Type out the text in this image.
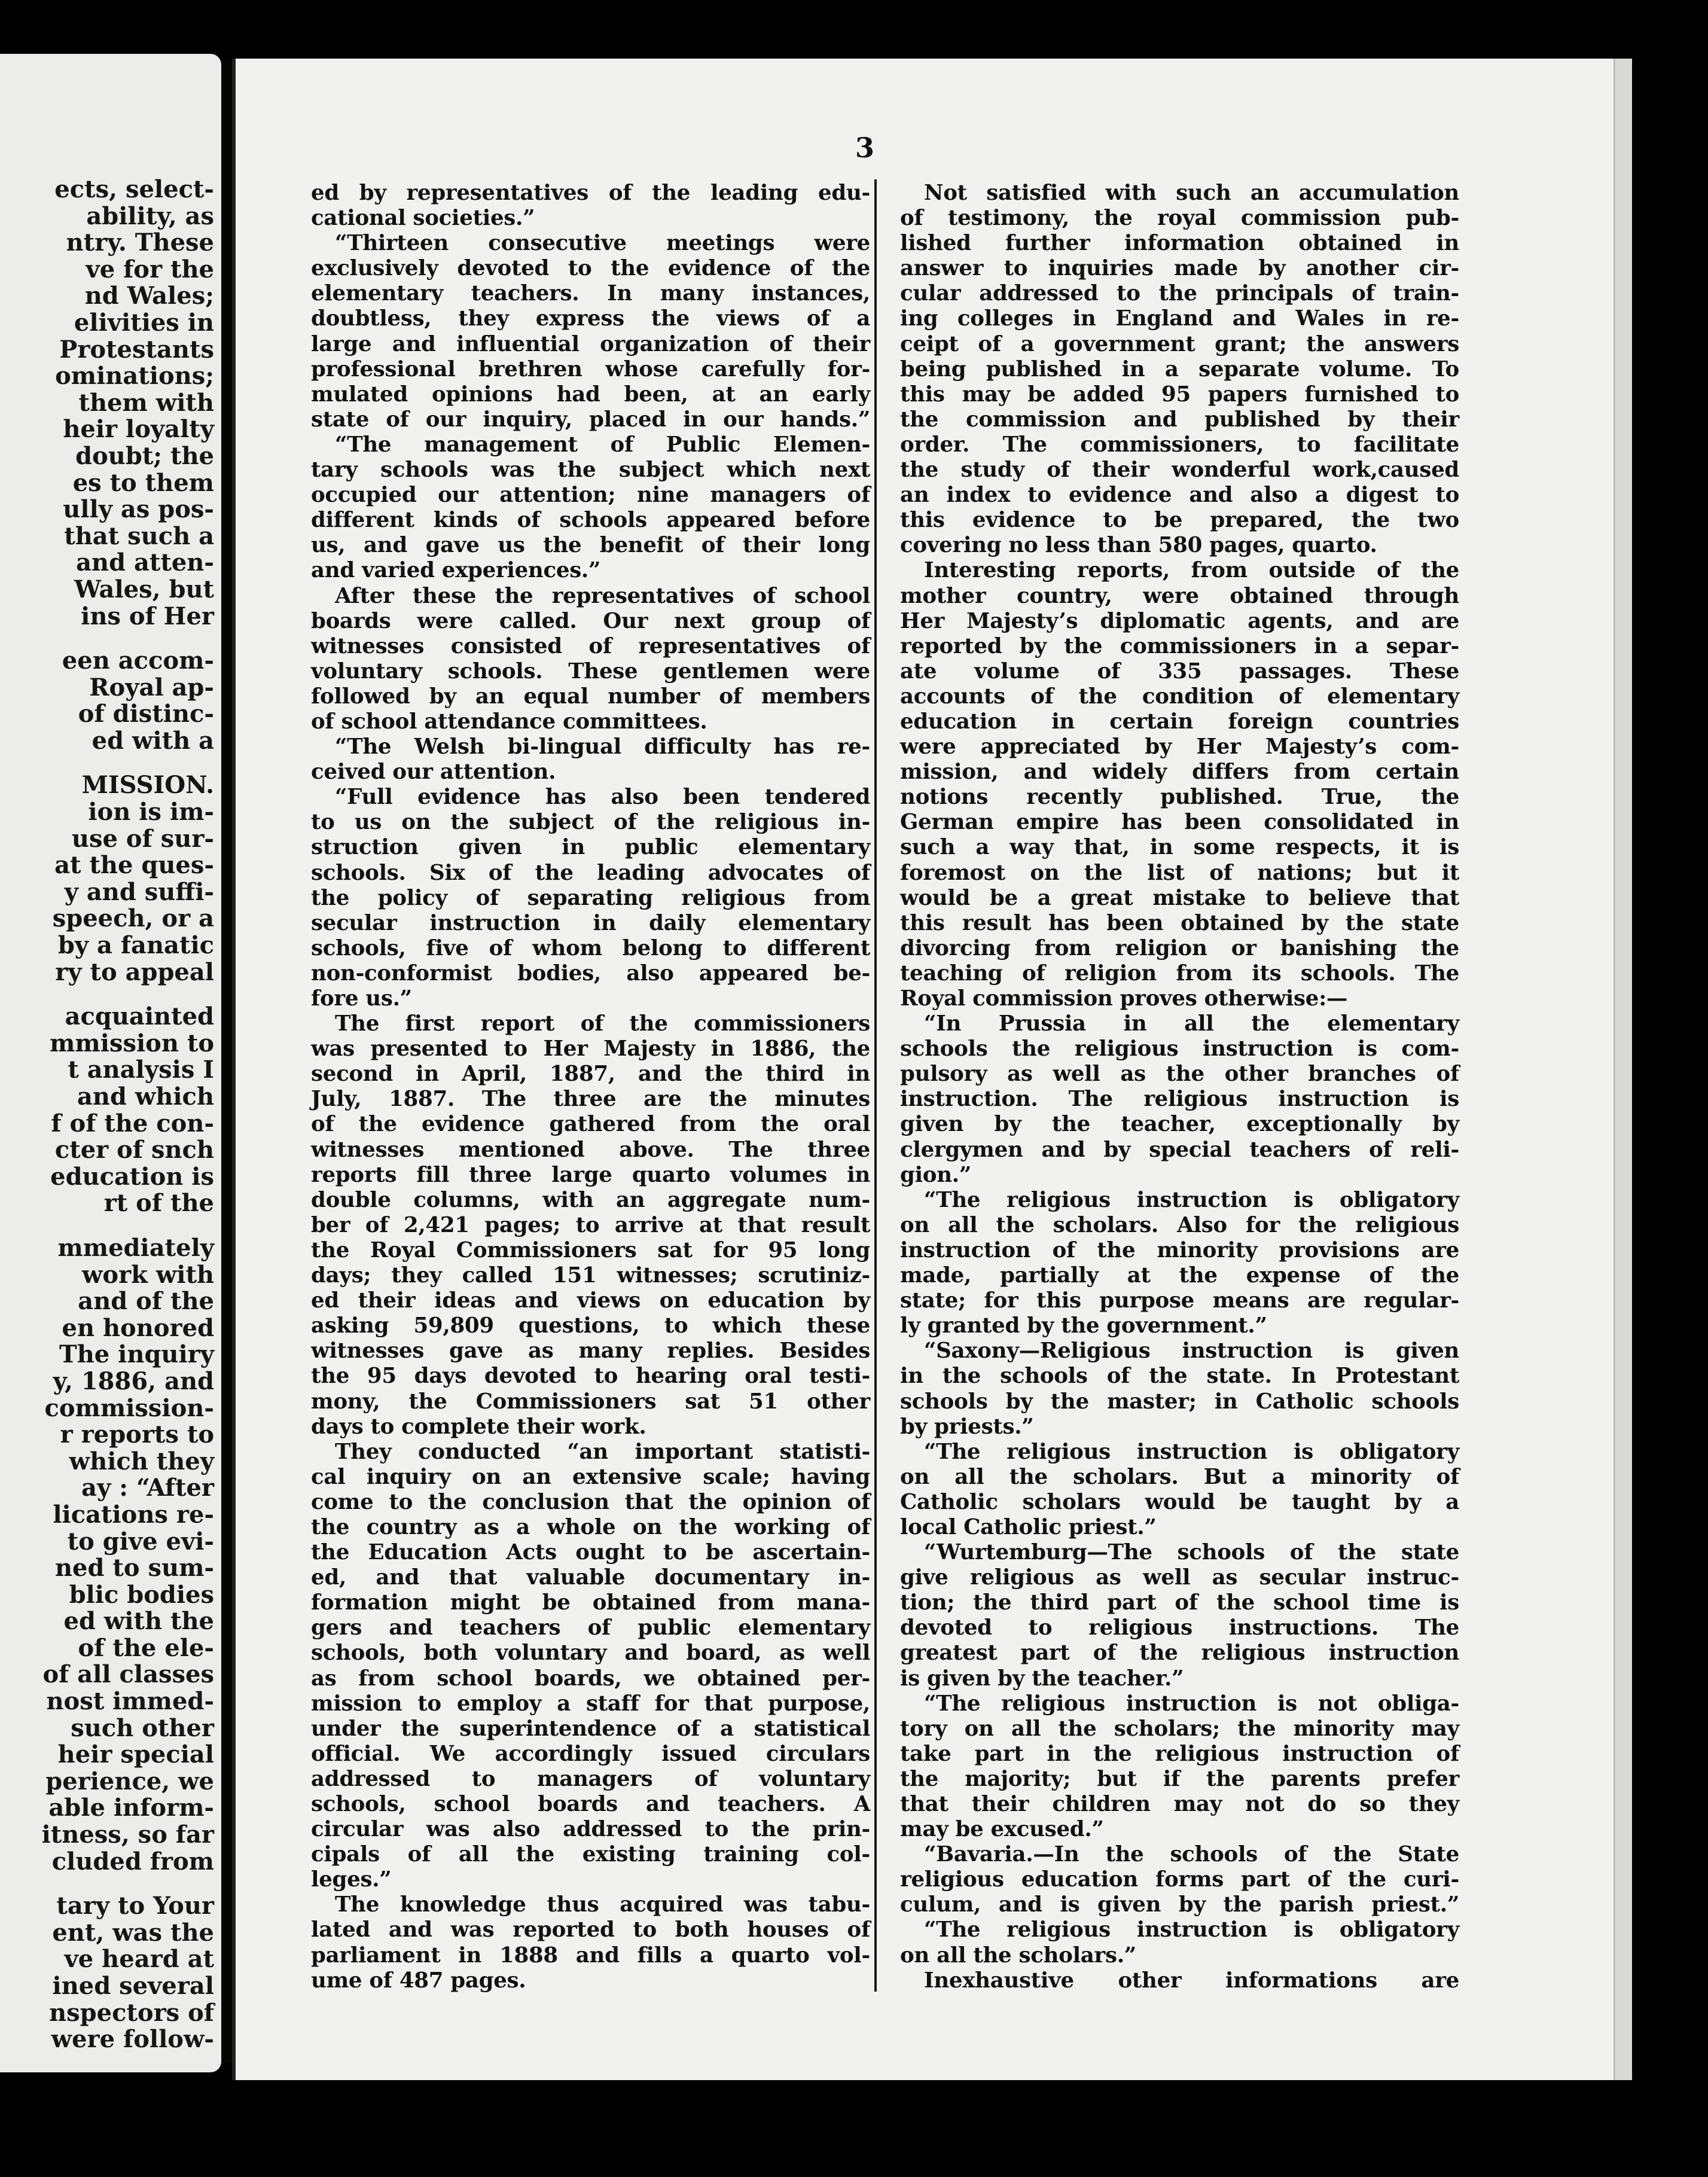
ects, select-
ability, as
ntry. These
ve for the
nd Wales;
elivities in
Protestants
ominations;
them with
heir loyalty
doubt; the
es to them
ully as pos-
that such a
and atten-
Wales, but
ins of Her
een accom-
Royal ap-
of distinc-
ed with a
MISSION.
ion is im-
use of sur-
at the ques-
y and suffi-
speech, or a
by a fanatic
ry to appeal
acquainted
mmission to
t analysis I
and which
f of the con-
cter of snch
education is
rt of the
mmediately
work with
and of the
en honored
The inquiry
y, 1886, and
commission-
r reports to
which they
ay : “After
lications re-
to give evi-
ned to sum-
blic bodies
ed with the
of the ele-
of all classes
nost immed-
such other
heir special
perience, we
able inform-
itness, so far
cluded from
tary to Your
ent, was the
ve heard at
ined several
nspectors of
were follow-
3
ed by representatives of the leading edu-
cational societies.”
“Thirteen consecutive meetings were
exclusively devoted to the evidence of the
elementary teachers. In many instances,
doubtless, they express the views of a
large and influential organization of their
professional brethren whose carefully for-
mulated opinions had been, at an early
state of our inquiry, placed in our hands.”
“The management of Public Elemen-
tary schools was the subject which next
occupied our attention; nine managers of
different kinds of schools appeared before
us, and gave us the benefit of their long
and varied experiences.”
After these the representatives of school
boards were called. Our next group of
witnesses consisted of representatives of
voluntary schools. These gentlemen were
followed by an equal number of members
of school attendance committees.
“The Welsh bi-lingual difficulty has re-
ceived our attention.
“Full evidence has also been tendered
to us on the subject of the religious in-
struction given in public elementary
schools. Six of the leading advocates of
the policy of separating religious from
secular instruction in daily elementary
schools, five of whom belong to different
non-conformist bodies, also appeared be-
fore us.”
The first report of the commissioners
was presented to Her Majesty in 1886, the
second in April, 1887, and the third in
July, 1887. The three are the minutes
of the evidence gathered from the oral
witnesses mentioned above. The three
reports fill three large quarto volumes in
double columns, with an aggregate num-
ber of 2,421 pages; to arrive at that result
the Royal Commissioners sat for 95 long
days; they called 151 witnesses; scrutiniz-
ed their ideas and views on education by
asking 59,809 questions, to which these
witnesses gave as many replies. Besides
the 95 days devoted to hearing oral testi-
mony, the Commissioners sat 51 other
days to complete their work.
They conducted “an important statisti-
cal inquiry on an extensive scale; having
come to the conclusion that the opinion of
the country as a whole on the working of
the Education Acts ought to be ascertain-
ed, and that valuable documentary in-
formation might be obtained from mana-
gers and teachers of public elementary
schools, both voluntary and board, as well
as from school boards, we obtained per-
mission to employ a staff for that purpose,
under the superintendence of a statistical
official. We accordingly issued circulars
addressed to managers of voluntary
schools, school boards and teachers. A
circular was also addressed to the prin-
cipals of all the existing training col-
leges.”
The knowledge thus acquired was tabu-
lated and was reported to both houses of
parliament in 1888 and fills a quarto vol-
ume of 487 pages.
Not satisfied with such an accumulation
of testimony, the royal commission pub-
lished further information obtained in
answer to inquiries made by another cir-
cular addressed to the principals of train-
ing colleges in England and Wales in re-
ceipt of a government grant; the answers
being published in a separate volume. To
this may be added 95 papers furnished to
the commission and published by their
order. The commissioners, to facilitate
the study of their wonderful work,caused
an index to evidence and also a digest to
this evidence to be prepared, the two
covering no less than 580 pages, quarto.
Interesting reports, from outside of the
mother country, were obtained through
Her Majesty’s diplomatic agents, and are
reported by the commissioners in a separ-
ate volume of 335 passages. These
accounts of the condition of elementary
education in certain foreign countries
were appreciated by Her Majesty’s com-
mission, and widely differs from certain
notions recently published. True, the
German empire has been consolidated in
such a way that, in some respects, it is
foremost on the list of nations; but it
would be a great mistake to believe that
this result has been obtained by the state
divorcing from religion or banishing the
teaching of religion from its schools. The
Royal commission proves otherwise:—
“In Prussia in all the elementary
schools the religious instruction is com-
pulsory as well as the other branches of
instruction. The religious instruction is
given by the teacher, exceptionally by
clergymen and by special teachers of reli-
gion.”
“The religious instruction is obligatory
on all the scholars. Also for the religious
instruction of the minority provisions are
made, partially at the expense of the
state; for this purpose means are regular-
ly granted by the government.”
“Saxony—Religious instruction is given
in the schools of the state. In Protestant
schools by the master; in Catholic schools
by priests.”
“The religious instruction is obligatory
on all the scholars. But a minority of
Catholic scholars would be taught by a
local Catholic priest.”
“Wurtemburg—The schools of the state
give religious as well as secular instruc-
tion; the third part of the school time is
devoted to religious instructions. The
greatest part of the religious instruction
is given by the teacher.”
“The religious instruction is not obliga-
tory on all the scholars; the minority may
take part in the religious instruction of
the majority; but if the parents prefer
that their children may not do so they
may be excused.”
“Bavaria.—In the schools of the State
religious education forms part of the curi-
culum, and is given by the parish priest.”
“The religious instruction is obligatory
on all the scholars.”
Inexhaustive other informations are
